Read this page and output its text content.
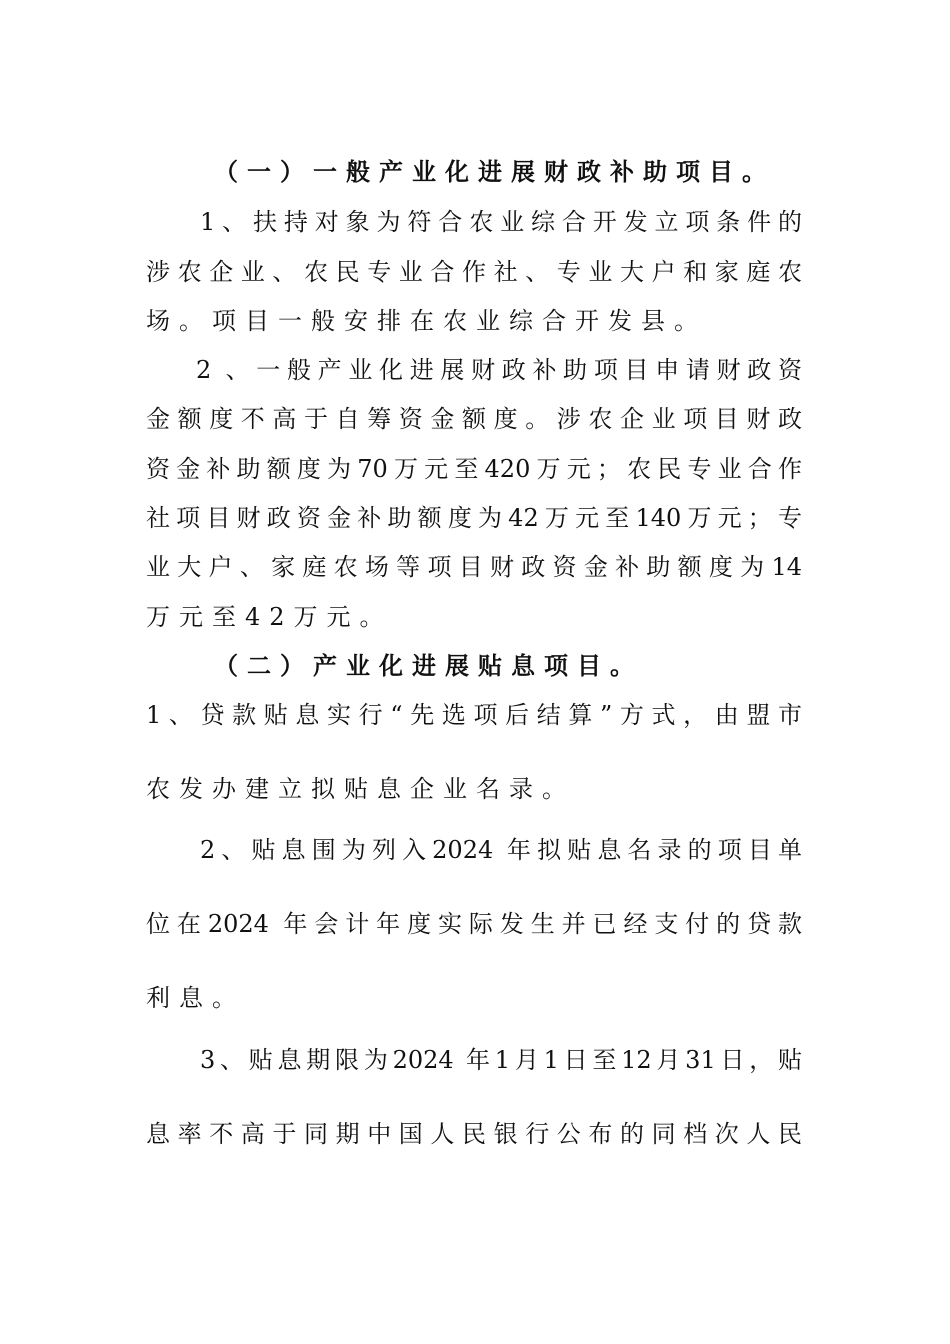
（一）一般产业化进展财政补助项目。
1、扶持对象为符合农业综合开发立项条件的
涉农企业、农民专业合作社、专业大户和家庭农
场。项目一般安排在农业综合开发县。
2 、一般产业化进展财政补助项目申请财政资
金额度不高于自筹资金额度。涉农企业项目财政
资金补助额度为70万元至420万元；农民专业合作
社项目财政资金补助额度为42万元至140万元；专
业大户、家庭农场等项目财政资金补助额度为14
万元至42万元。
（二）产业化进展贴息项目。
1、贷款贴息实行“先选项后结算”方式，由盟市
农发办建立拟贴息企业名录。
2、贴息围为列入2024 年拟贴息名录的项目单
位在2024 年会计年度实际发生并已经支付的贷款
利息。
3、贴息期限为2024 年1月1日至12月31日，贴
息率不高于同期中国人民银行公布的同档次人民
